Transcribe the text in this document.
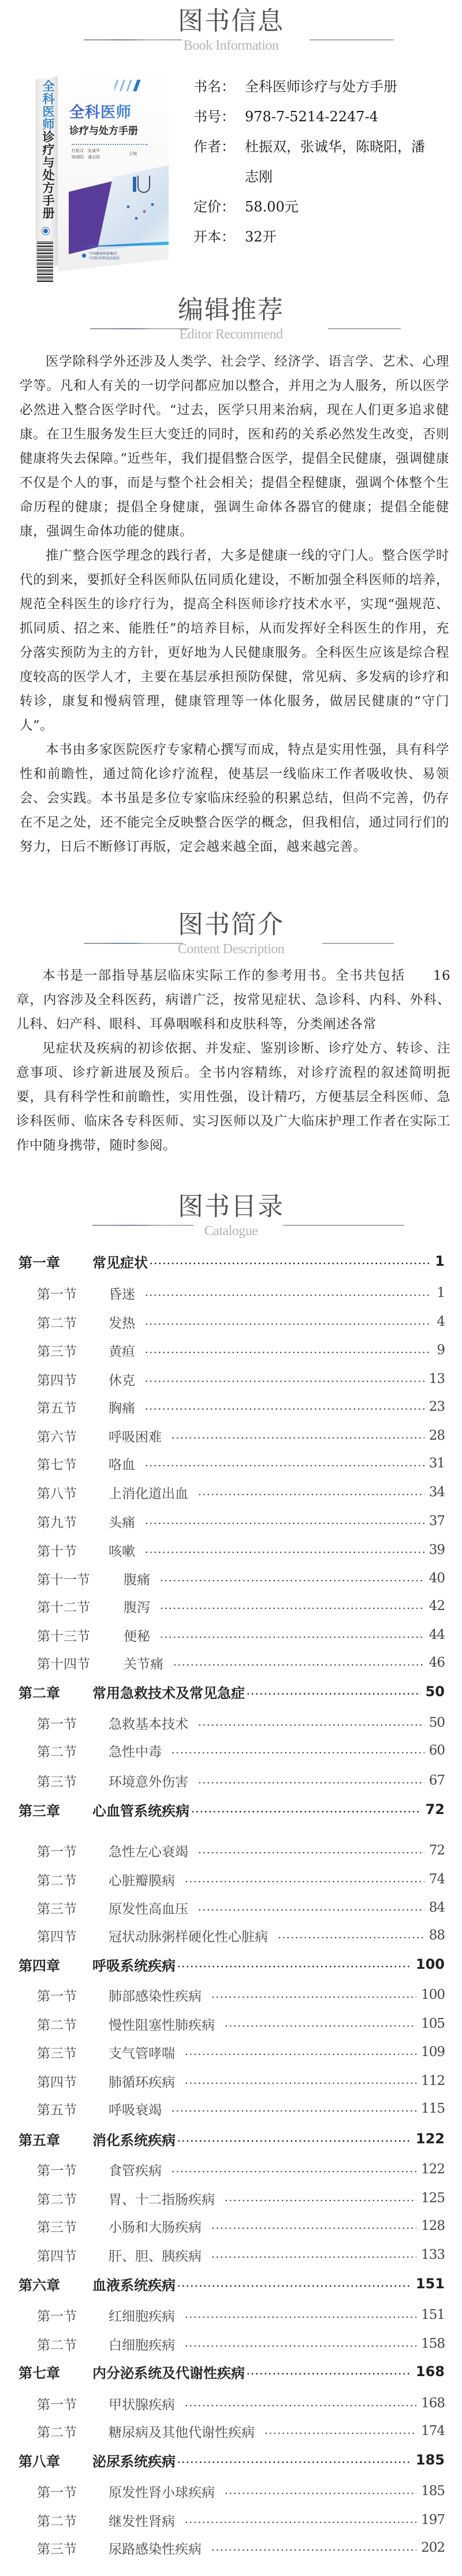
图书信息
Book Information
全科医师诊疗与处方手册
全科医师
诊疗与处方手册
杜振双　张诚华
陈晓阳　潘志刚
主编
中国健康传媒集团
中国医药科技出版社
书名： 全科医师诊疗与处方手册
书号： 978-7-5214-2247-4
作者： 杜振双，张诚华，陈晓阳，潘志刚
定价： 58.00元
开本： 32开
编辑推荐
Editor Recommend

医学除科学外还涉及人类学、社会学、经济学、语言学、艺术、心理学等。凡和人有关的一切学问都应加以整合，并用之为人服务，所以医学必然进入整合医学时代。“过去，医学只用来治病，现在人们更多追求健康。在卫生服务发生巨大变迁的同时，医和药的关系必然发生改变，否则健康将失去保障。”近些年，我们提倡整合医学，提倡全民健康，强调健康不仅是个人的事，而是与整个社会相关；提倡全程健康，强调个体整个生命历程的健康；提倡全身健康，强调生命体各器官的健康；提倡全能健康，强调生命体功能的健康。

推广整合医学理念的践行者，大多是健康一线的守门人。整合医学时代的到来，要抓好全科医师队伍同质化建设，不断加强全科医师的培养，规范全科医生的诊疗行为，提高全科医师诊疗技术水平，实现“强规范、抓同质、招之来、能胜任”的培养目标，从而发挥好全科医生的作用，充分落实预防为主的方针，更好地为人民健康服务。全科医生应该是综合程度较高的医学人才，主要在基层承担预防保健，常见病、多发病的诊疗和转诊，康复和慢病管理，健康管理等一体化服务，做居民健康的“守门人”。

本书由多家医院医疗专家精心撰写而成，特点是实用性强，具有科学性和前瞻性，通过简化诊疗流程，使基层一线临床工作者吸收快、易领会、会实践。本书虽是多位专家临床经验的积累总结，但尚不完善，仍存在不足之处，还不能完全反映整合医学的概念，但我相信，通过同行们的努力，日后不断修订再版，定会越来越全面，越来越完善。

图书简介
Content Description

本书是一部指导基层临床实际工作的参考用书。全书共包括　　16章，内容涉及全科医药，病谱广泛，按常见症状、急诊科、内科、外科、儿科、妇产科、眼科、耳鼻咽喉科和皮肤科等，分类阐述各常

见症状及疾病的初诊依据、并发症、鉴别诊断、诊疗处方、转诊、注意事项、诊疗新进展及预后。全书内容精练，对诊疗流程的叙述简明扼要，具有科学性和前瞻性，实用性强，设计精巧，方便基层全科医师、急诊科医师、临床各专科医师、实习医师以及广大临床护理工作者在实际工作中随身携带，随时参阅。

图书目录
Catalogue
第一章	常见症状	1
第一节	昏迷	1
第二节	发热	4
第三节	黄疸	9
第四节	休克	13
第五节	胸痛	23
第六节	呼吸困难	28
第七节	咯血	31
第八节	上消化道出血	34
第九节	头痛	37
第十节	咳嗽	39
第十一节	腹痛	40
第十二节	腹泻	42
第十三节	便秘	44
第十四节	关节痛	46
第二章	常用急救技术及常见急症	50
第一节	急救基本技术	50
第二节	急性中毒	60
第三节	环境意外伤害	67
第三章	心血管系统疾病	72
第一节	急性左心衰竭	72
第二节	心脏瓣膜病	74
第三节	原发性高血压	84
第四节	冠状动脉粥样硬化性心脏病	88
第四章	呼吸系统疾病	100
第一节	肺部感染性疾病	100
第二节	慢性阻塞性肺疾病	105
第三节	支气管哮喘	109
第四节	肺循环疾病	112
第五节	呼吸衰竭	115
第五章	消化系统疾病	122
第一节	食管疾病	122
第二节	胃、十二指肠疾病	125
第三节	小肠和大肠疾病	128
第四节	肝、胆、胰疾病	133
第六章	血液系统疾病	151
第一节	红细胞疾病	151
第二节	白细胞疾病	158
第七章	内分泌系统及代谢性疾病	168
第一节	甲状腺疾病	168
第二节	糖尿病及其他代谢性疾病	174
第八章	泌尿系统疾病	185
第一节	原发性肾小球疾病	185
第二节	继发性肾病	197
第三节	尿路感染性疾病	202
